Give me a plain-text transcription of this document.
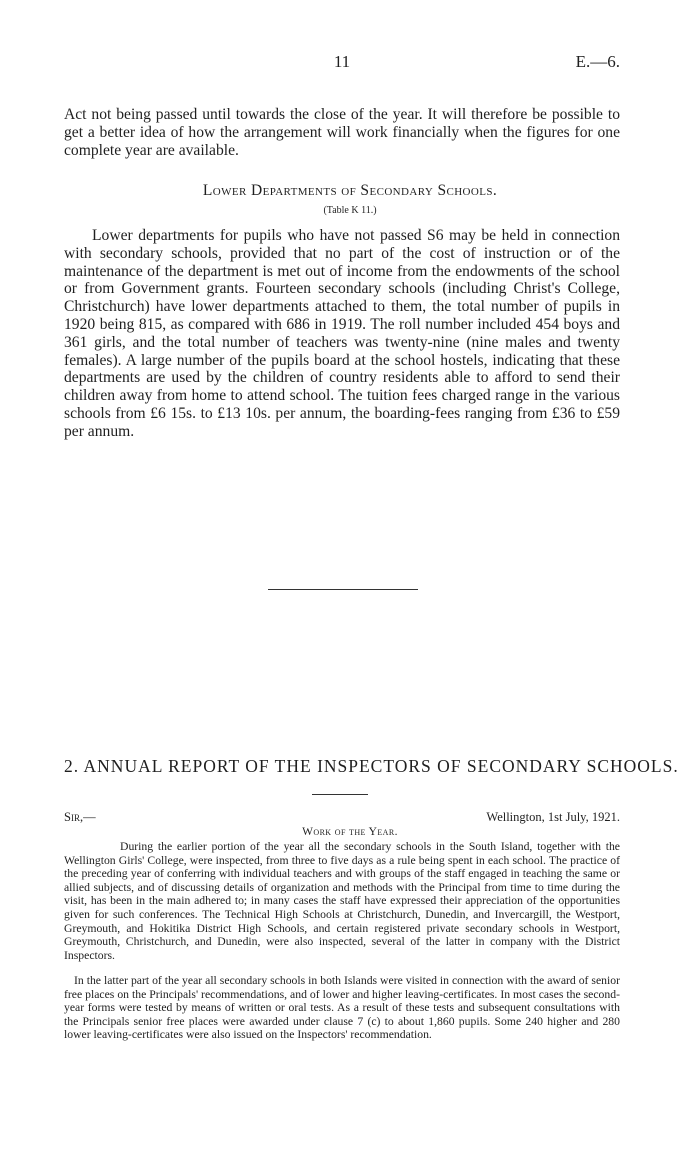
11	E.—6.

Act not being passed until towards the close of the year. It will therefore be possible to get a better idea of how the arrangement will work financially when the figures for one complete year are available.

Lower Departments of Secondary Schools.
(Table K 11.)

Lower departments for pupils who have not passed S6 may be held in connection with secondary schools, provided that no part of the cost of instruction or of the maintenance of the department is met out of income from the endowments of the school or from Government grants. Fourteen secondary schools (including Christ's College, Christchurch) have lower departments attached to them, the total number of pupils in 1920 being 815, as compared with 686 in 1919. The roll number included 454 boys and 361 girls, and the total number of teachers was twenty-nine (nine males and twenty females). A large number of the pupils board at the school hostels, indicating that these departments are used by the children of country residents able to afford to send their children away from home to attend school. The tuition fees charged range in the various schools from £6 15s. to £13 10s. per annum, the boarding-fees ranging from £36 to £59 per annum.

2. ANNUAL REPORT OF THE INSPECTORS OF SECONDARY SCHOOLS.
Sir,—	Wellington, 1st July, 1921.
Work of the Year.

During the earlier portion of the year all the secondary schools in the South Island, together with the Wellington Girls' College, were inspected, from three to five days as a rule being spent in each school. The practice of the preceding year of conferring with individual teachers and with groups of the staff engaged in teaching the same or allied subjects, and of discussing details of organization and methods with the Principal from time to time during the visit, has been in the main adhered to; in many cases the staff have expressed their appreciation of the opportunities given for such conferences. The Technical High Schools at Christchurch, Dunedin, and Invercargill, the Westport, Greymouth, and Hokitika District High Schools, and certain registered private secondary schools in Westport, Greymouth, Christchurch, and Dunedin, were also inspected, several of the latter in company with the District Inspectors.

In the latter part of the year all secondary schools in both Islands were visited in connection with the award of senior free places on the Principals' recommendations, and of lower and higher leaving-certificates. In most cases the second-year forms were tested by means of written or oral tests. As a result of these tests and subsequent consultations with the Principals senior free places were awarded under clause 7 (c) to about 1,860 pupils. Some 240 higher and 280 lower leaving-certificates were also issued on the Inspectors' recommendation.
